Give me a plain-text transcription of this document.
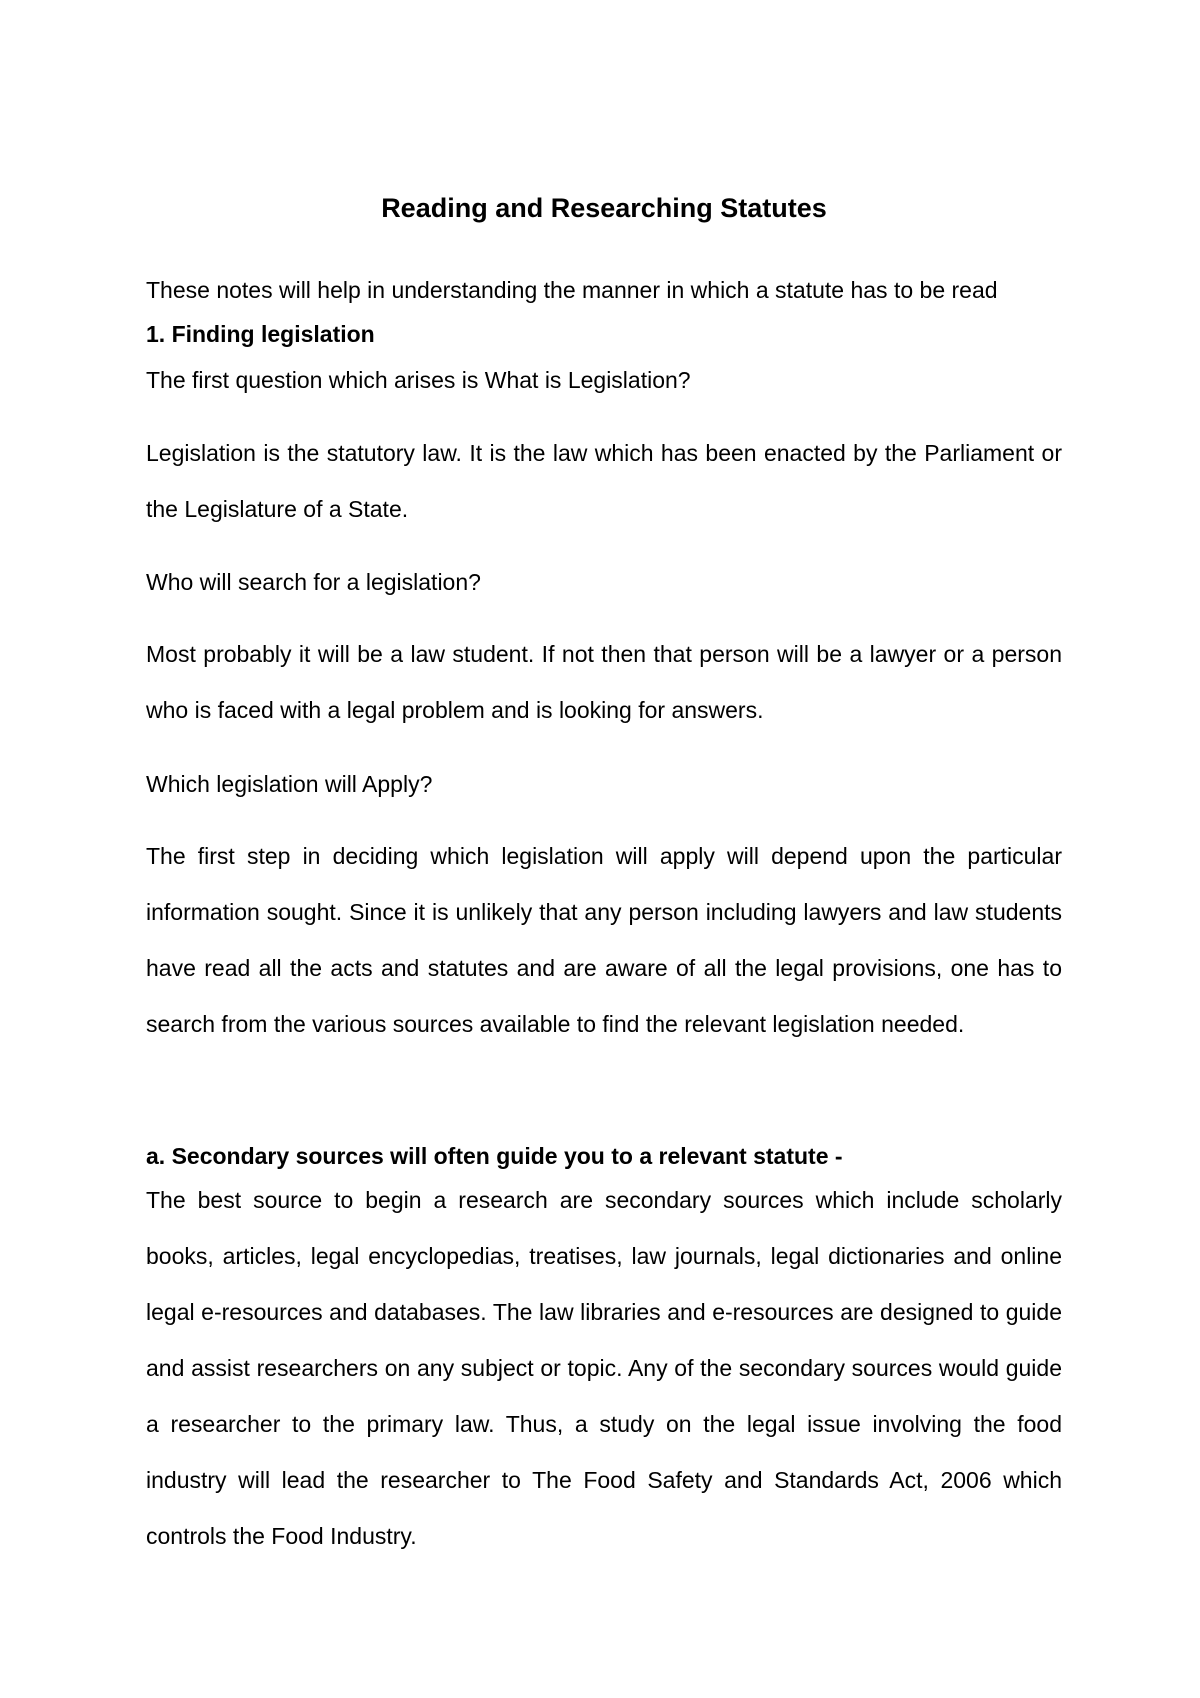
Reading and Researching Statutes

These notes will help in understanding the manner in which a statute has to be read

1. Finding legislation

The first question which arises is What is Legislation?

Legislation is the statutory law. It is the law which has been enacted by the Parliament or the Legislature of a State.

Who will search for a legislation?

Most probably it will be a law student. If not then that person will be a lawyer or a person who is faced with a legal problem and is looking for answers.

Which legislation will Apply?

The first step in deciding which legislation will apply will depend upon the particular information sought. Since it is unlikely that any person including lawyers and law students have read all the acts and statutes and are aware of all the legal provisions, one has to search from the various sources available to find the relevant legislation needed.

a. Secondary sources will often guide you to a relevant statute -

The best source to begin a research are secondary sources which include scholarly books, articles, legal encyclopedias, treatises, law journals, legal dictionaries and online legal e-resources and databases. The law libraries and e-resources are designed to guide and assist researchers on any subject or topic. Any of the secondary sources would guide a researcher to the primary law. Thus, a study on the legal issue involving the food industry will lead the researcher to The Food Safety and Standards Act, 2006 which controls the Food Industry.
